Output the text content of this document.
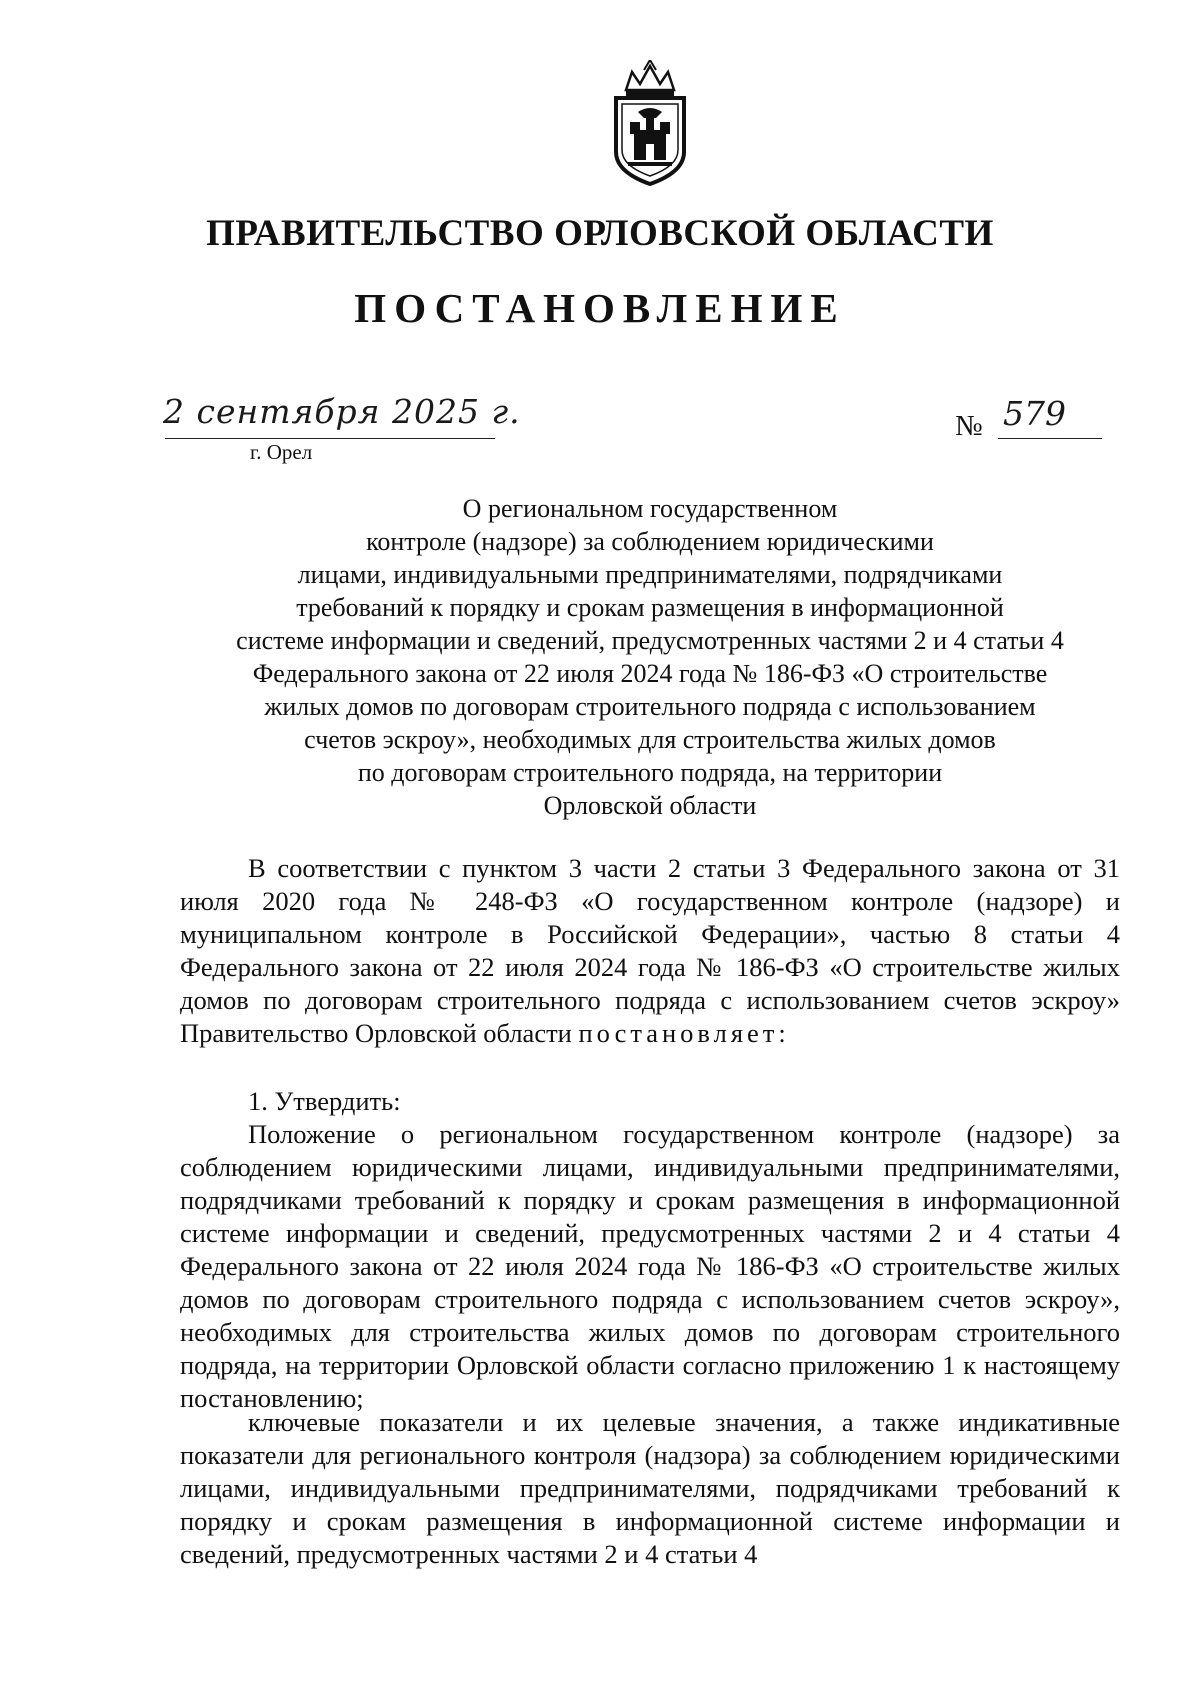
ПРАВИТЕЛЬСТВО ОРЛОВСКОЙ ОБЛАСТИ
ПОСТАНОВЛЕНИЕ
2 сентября 2025 г.
г. Орел
№ 579
О региональном государственном
контроле (надзоре) за соблюдением юридическими
лицами, индивидуальными предпринимателями, подрядчиками
требований к порядку и срокам размещения в информационной
системе информации и сведений, предусмотренных частями 2 и 4 статьи 4
Федерального закона от 22 июля 2024 года № 186-ФЗ «О строительстве
жилых домов по договорам строительного подряда с использованием
счетов эскроу», необходимых для строительства жилых домов
по договорам строительного подряда, на территории
Орловской области

В соответствии с пунктом 3 части 2 статьи 3 Федерального закона от 31 июля 2020 года № 248-ФЗ «О государственном контроле (надзоре) и муниципальном контроле в Российской Федерации», частью 8 статьи 4 Федерального закона от 22 июля 2024 года № 186-ФЗ «О строительстве жилых домов по договорам строительного подряда с использованием счетов эскроу» Правительство Орловской области постановляет:

1. Утвердить:

Положение о региональном государственном контроле (надзоре) за соблюдением юридическими лицами, индивидуальными предпринимателями, подрядчиками требований к порядку и срокам размещения в информационной системе информации и сведений, предусмотренных частями 2 и 4 статьи 4 Федерального закона от 22 июля 2024 года № 186-ФЗ «О строительстве жилых домов по договорам строительного подряда с использованием счетов эскроу», необходимых для строительства жилых домов по договорам строительного подряда, на территории Орловской области согласно приложению 1 к настоящему постановлению;

ключевые показатели и их целевые значения, а также индикативные показатели для регионального контроля (надзора) за соблюдением юридическими лицами, индивидуальными предпринимателями, подрядчиками требований к порядку и срокам размещения в информационной системе информации и сведений, предусмотренных частями 2 и 4 статьи 4
